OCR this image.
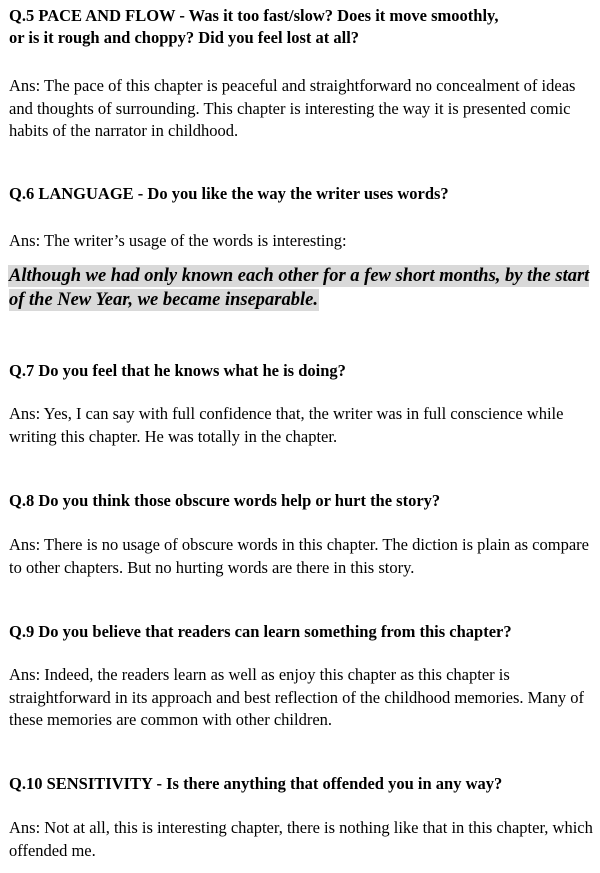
Q.5 PACE AND FLOW - Was it too fast/slow? Does it move smoothly,

or is it rough and choppy? Did you feel lost at all?

Ans: The pace of this chapter is peaceful and straightforward no concealment of ideas and thoughts of surrounding. This chapter is interesting the way it is presented comic habits of the narrator in childhood.

Q.6 LANGUAGE - Do you like the way the writer uses words?

Ans: The writer’s usage of the words is interesting:

Although we had only known each other for a few short months, by the start of the New Year, we became inseparable.

Q.7 Do you feel that he knows what he is doing?

Ans: Yes, I can say with full confidence that, the writer was in full conscience while writing this chapter. He was totally in the chapter.

Q.8 Do you think those obscure words help or hurt the story?

Ans: There is no usage of obscure words in this chapter. The diction is plain as compare to other chapters. But no hurting words are there in this story.

Q.9 Do you believe that readers can learn something from this chapter?

Ans: Indeed, the readers learn as well as enjoy this chapter as this chapter is straightforward in its approach and best reflection of the childhood memories. Many of these memories are common with other children.

Q.10 SENSITIVITY - Is there anything that offended you in any way?

Ans: Not at all, this is interesting chapter, there is nothing like that in this chapter, which offended me.
